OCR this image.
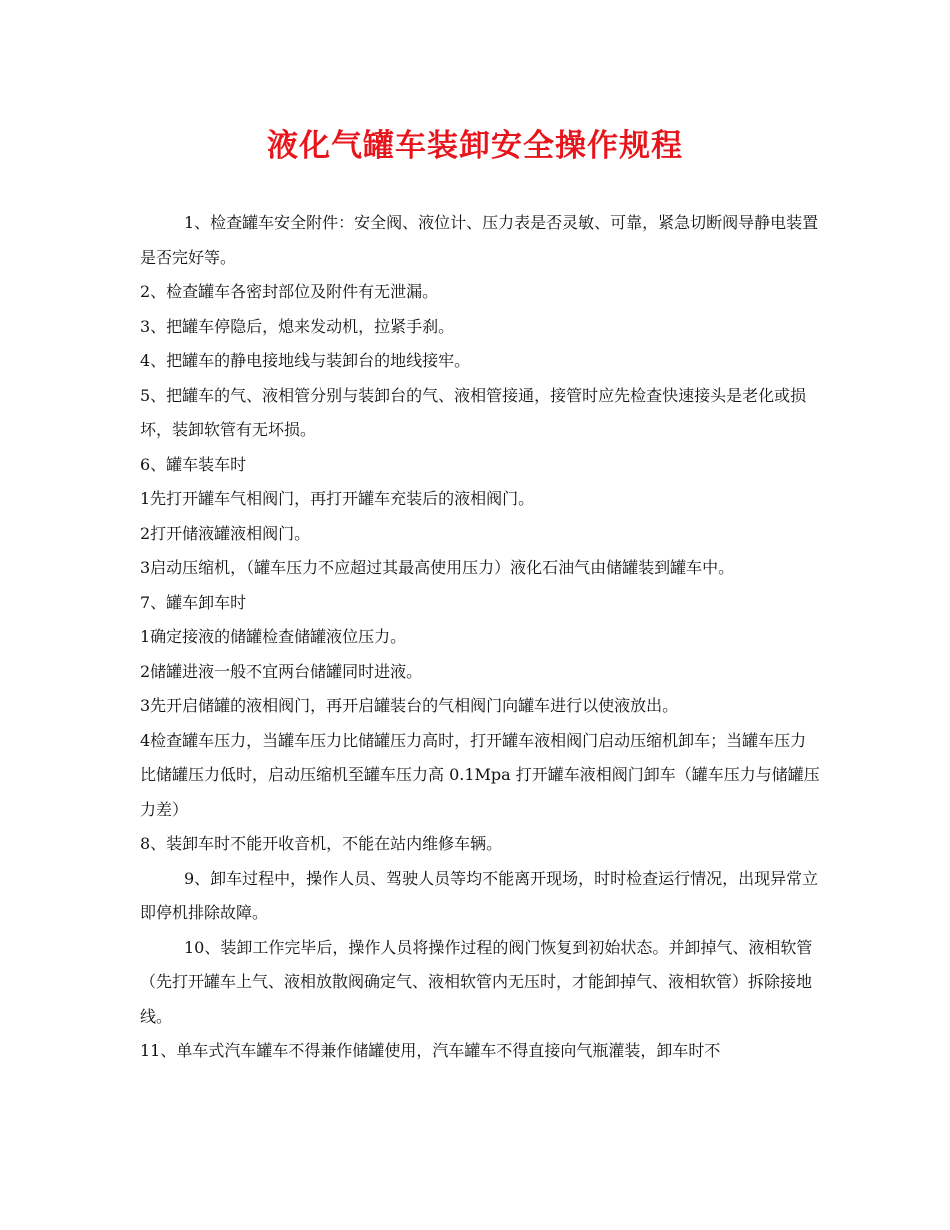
液化气罐车装卸安全操作规程

1、检查罐车安全附件：安全阀、液位计、压力表是否灵敏、可靠，紧急切断阀导静电装置是否完好等。

2、检查罐车各密封部位及附件有无泄漏。

3、把罐车停隐后，熄来发动机，拉紧手刹。

4、把罐车的静电接地线与装卸台的地线接牢。

5、把罐车的气、液相管分别与装卸台的气、液相管接通，接管时应先检查快速接头是老化或损坏，装卸软管有无坏损。

6、罐车装车时

1先打开罐车气相阀门，再打开罐车充装后的液相阀门。

2打开储液罐液相阀门。

3启动压缩机，（罐车压力不应超过其最高使用压力）液化石油气由储罐装到罐车中。

7、罐车卸车时

1确定接液的储罐检查储罐液位压力。

2储罐进液一般不宜两台储罐同时进液。

3先开启储罐的液相阀门，再开启罐装台的气相阀门向罐车进行以使液放出。

4检查罐车压力，当罐车压力比储罐压力高时，打开罐车液相阀门启动压缩机卸车；当罐车压力比储罐压力低时，启动压缩机至罐车压力高 0.1Mpa 打开罐车液相阀门卸车（罐车压力与储罐压力差）

8、装卸车时不能开收音机，不能在站内维修车辆。

9、卸车过程中，操作人员、驾驶人员等均不能离开现场，时时检查运行情况，出现异常立即停机排除故障。

10、装卸工作完毕后，操作人员将操作过程的阀门恢复到初始状态。并卸掉气、液相软管（先打开罐车上气、液相放散阀确定气、液相软管内无压时，才能卸掉气、液相软管）拆除接地线。

11、单车式汽车罐车不得兼作储罐使用，汽车罐车不得直接向气瓶灌装，卸车时不
